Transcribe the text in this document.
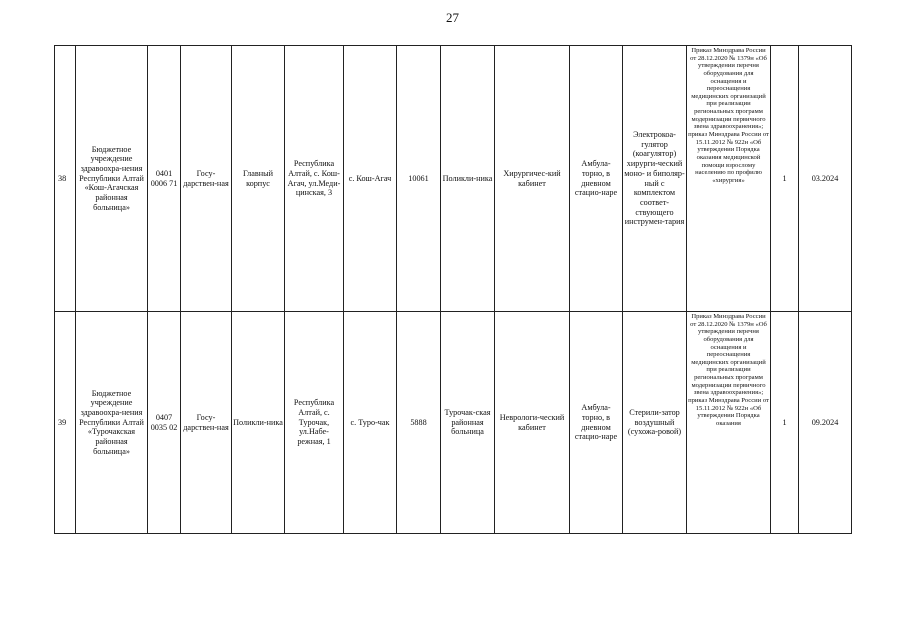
27
38	Бюджетное учреждение здравоохра-нения Республики Алтай «Кош-Агачская районная больница»	0401 0006 71	Госу-дарствен-ная	Главный корпус	Республика Алтай, с. Кош-Агач, ул.Меди-цинская, 3	с. Кош-Агач	10061	Поликли-ника	Хирургичес-кий кабинет	Амбула-торно, в дневном стацио-наре	Электрокоа-гулятор (коагулятор) хирурги-ческий моно- и биполяр-ный с комплектом соответ-ствующего инструмен-тария	Приказ Минздрава России от 28.12.2020 № 1379н «Об утверждении перечня оборудования для оснащения и переоснащения медицинских организаций при реализации региональных программ модернизации первичного звена здравоохранения»; приказ Минздрава России от 15.11.2012 № 922н «Об утверждении Порядка оказания медицинской помощи взрослому населению по профилю «хирургия»	1	03.2024
39	Бюджетное учреждение здравоохра-нения Республики Алтай «Турочакская районная больница»	0407 0035 02	Госу-дарствен-ная	Поликли-ника	Республика Алтай, с. Турочак, ул.Набе-режная, 1	с. Туро-чак	5888	Турочак-ская районная больница	Неврологи-ческий кабинет	Амбула-торно, в дневном стацио-наре	Стерили-затор воздушный (сухожа-ровой)	Приказ Минздрава России от 28.12.2020 № 1379н «Об утверждении перечня оборудования для оснащения и переоснащения медицинских организаций при реализации региональных программ модернизации первичного звена здравоохранения»; приказ Минздрава России от 15.11.2012 № 922н «Об утверждении Порядка оказания	1	09.2024
